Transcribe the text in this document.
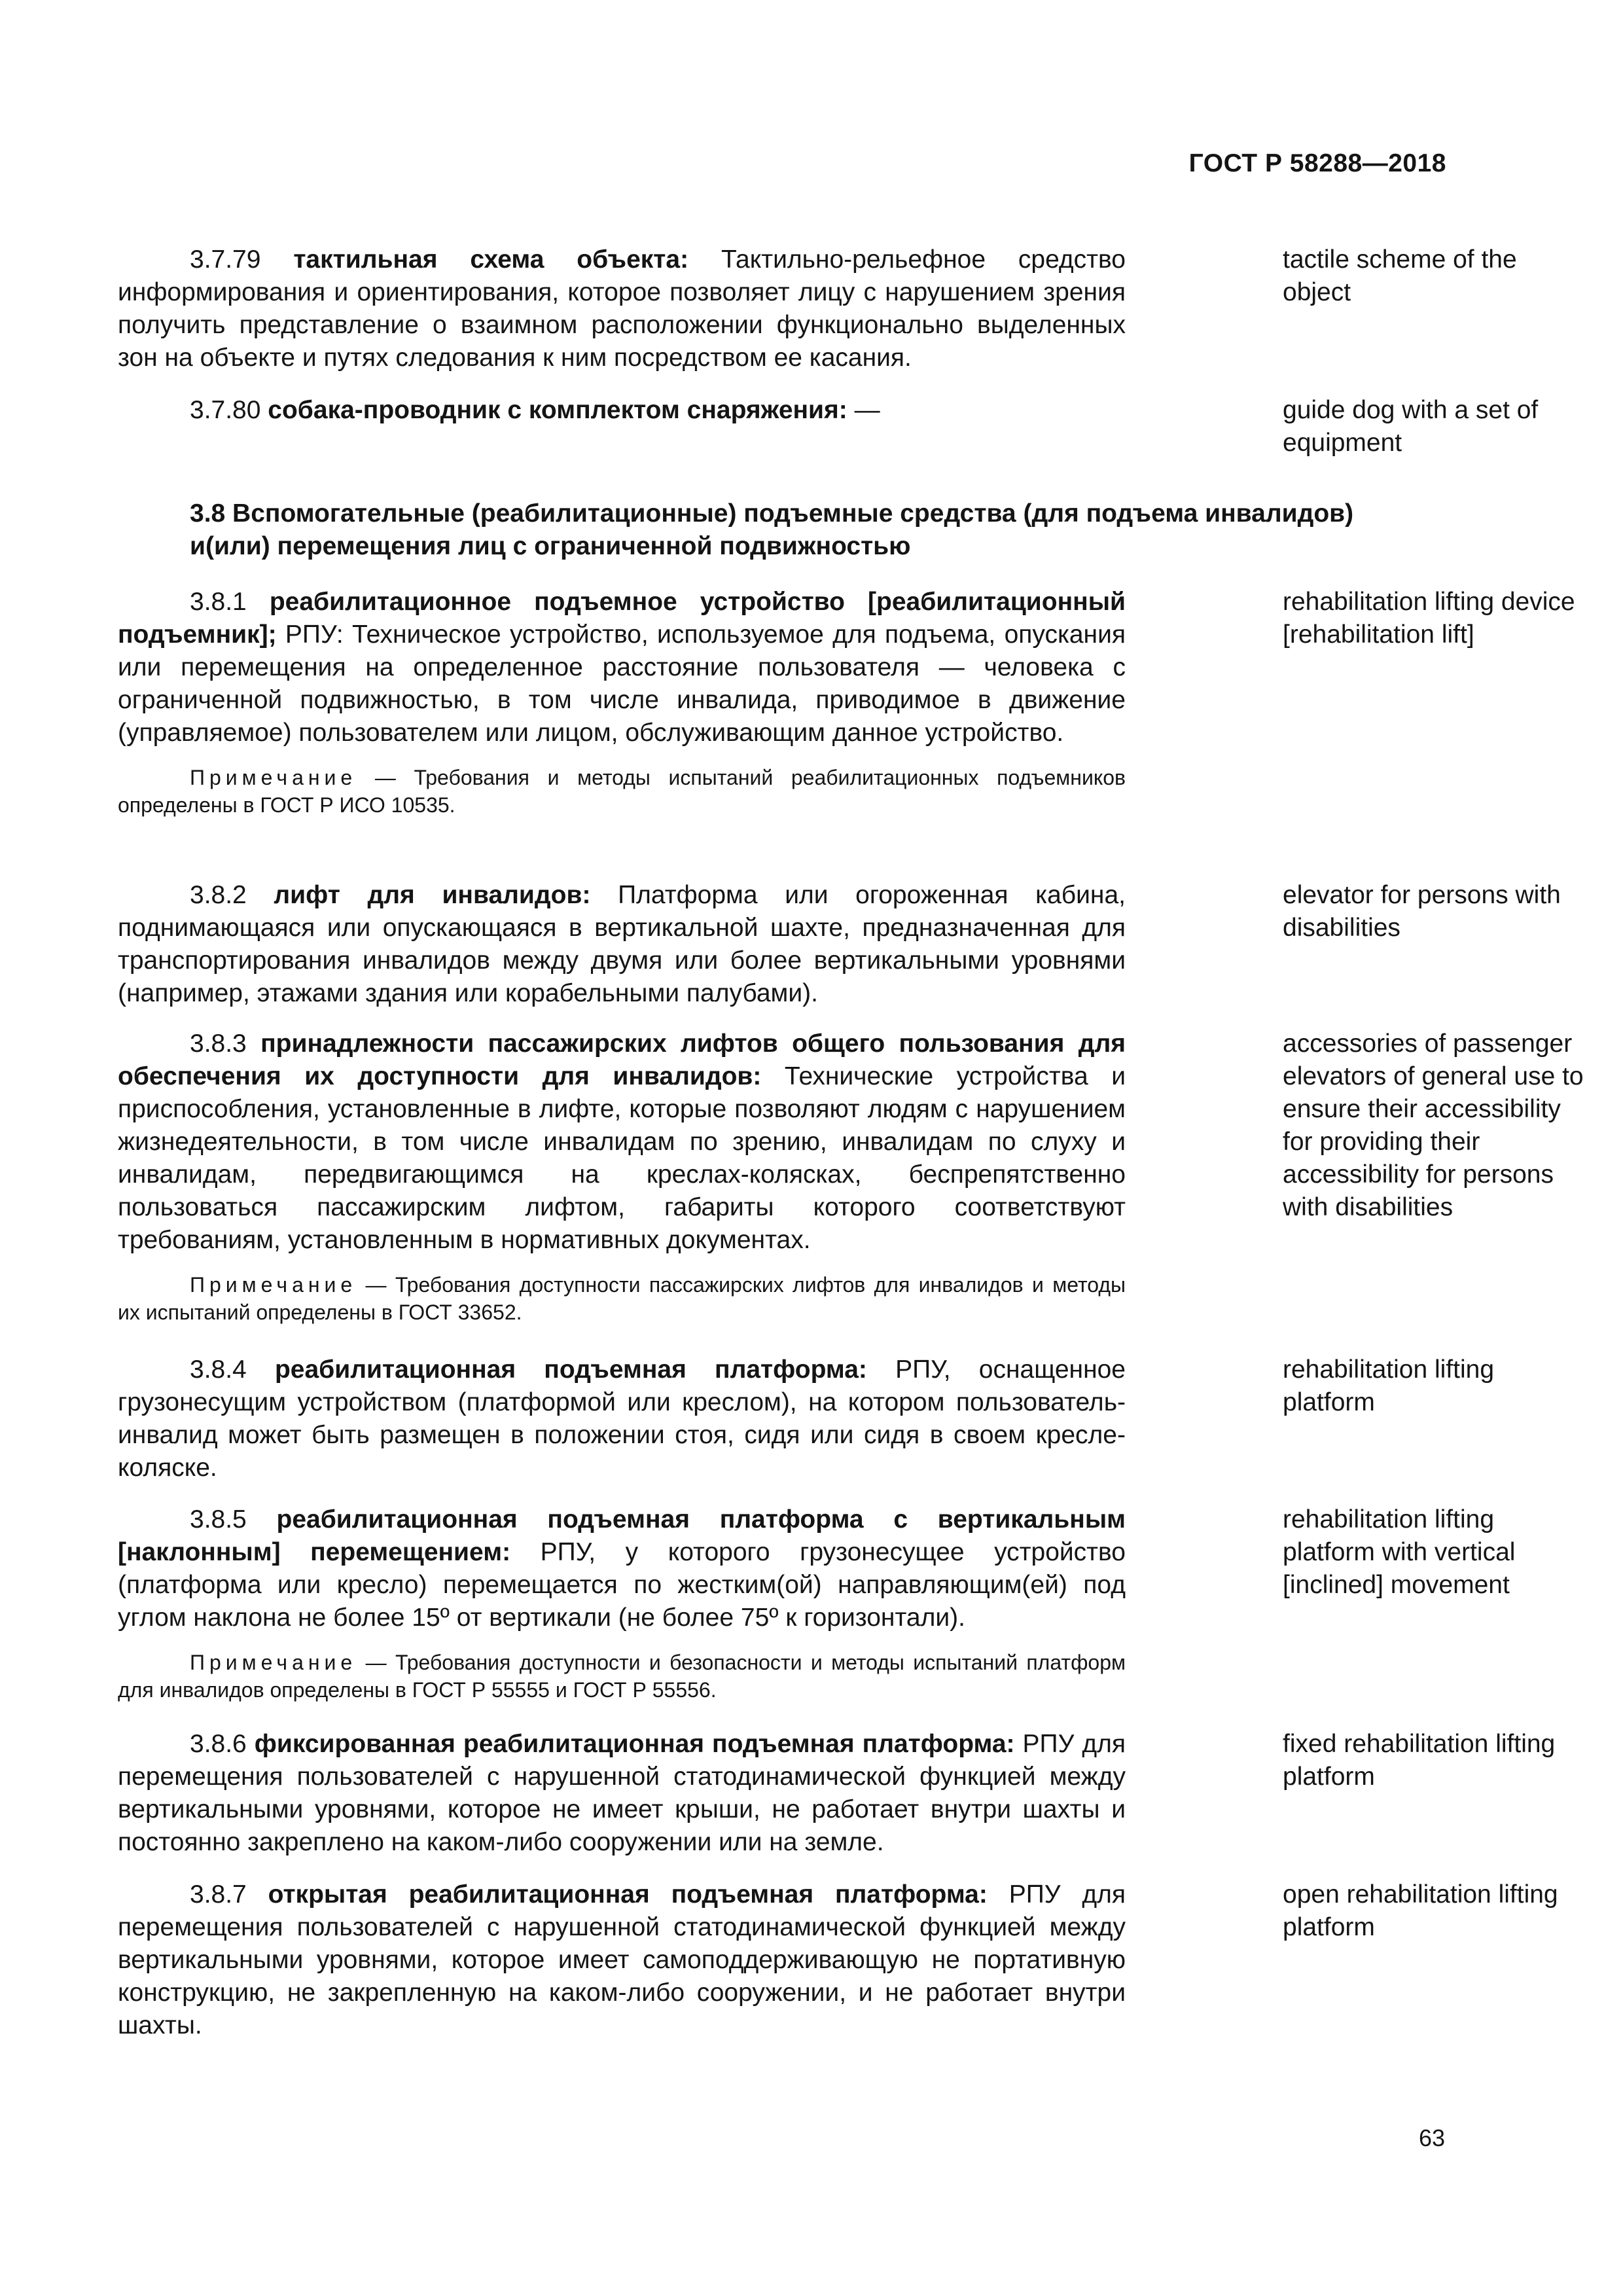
ГОСТ Р 58288—2018
3.7.79 тактильная схема объекта: Тактильно-рельефное средство информирования и ориентирования, которое позволяет лицу с нарушением зрения получить представление о взаимном расположении функционально выделенных зон на объекте и путях следования к ним посредством ее касания.
tactile scheme of the object
3.7.80 собака-проводник с комплектом снаряжения: —	guide dog with a set of equipment
3.8 Вспомогательные (реабилитационные) подъемные средства (для подъема инвалидов) и(или) перемещения лиц с ограниченной подвижностью
3.8.1 реабилитационное подъемное устройство [реабилитационный подъемник]; РПУ: Техническое устройство, используемое для подъема, опускания или перемещения на определенное расстояние пользователя — человека с ограниченной подвижностью, в том числе инвалида, приводимое в движение (управляемое) пользователем или лицом, обслуживающим данное устройство.
Примечание — Требования и методы испытаний реабилитационных подъемников определены в ГОСТ Р ИСО 10535.
rehabilitation lifting device [rehabilitation lift]
3.8.2 лифт для инвалидов: Платформа или огороженная кабина, поднимающаяся или опускающаяся в вертикальной шахте, предназначенная для транспортирования инвалидов между двумя или более вертикальными уровнями (например, этажами здания или корабельными палубами).
elevator for persons with disabilities
3.8.3 принадлежности пассажирских лифтов общего пользования для обеспечения их доступности для инвалидов: Технические устройства и приспособления, установленные в лифте, которые позволяют людям с нарушением жизнедеятельности, в том числе инвалидам по зрению, инвалидам по слуху и инвалидам, передвигающимся на креслах-колясках, беспрепятственно пользоваться пассажирским лифтом, габариты которого соответствуют требованиям, установленным в нормативных документах.
Примечание — Требования доступности пассажирских лифтов для инвалидов и методы их испытаний определены в ГОСТ 33652.
accessories of passenger elevators of general use to ensure their accessibility for providing their accessibility for persons with disabilities
3.8.4 реабилитационная подъемная платформа: РПУ, оснащенное грузонесущим устройством (платформой или креслом), на котором пользователь-инвалид может быть размещен в положении стоя, сидя или сидя в своем кресле-коляске.
rehabilitation lifting platform
3.8.5 реабилитационная подъемная платформа с вертикальным [наклонным] перемещением: РПУ, у которого грузонесущее устройство (платформа или кресло) перемещается по жестким(ой) направляющим(ей) под углом наклона не более 15º от вертикали (не более 75º к горизонтали).
Примечание — Требования доступности и безопасности и методы испытаний платформ для инвалидов определены в ГОСТ Р 55555 и ГОСТ Р 55556.
rehabilitation lifting platform with vertical [inclined] movement
3.8.6 фиксированная реабилитационная подъемная платформа: РПУ для перемещения пользователей с нарушенной статодинамической функцией между вертикальными уровнями, которое не имеет крыши, не работает внутри шахты и постоянно закреплено на каком-либо сооружении или на земле.
fixed rehabilitation lifting platform
3.8.7 открытая реабилитационная подъемная платформа: РПУ для перемещения пользователей с нарушенной статодинамической функцией между вертикальными уровнями, которое имеет самоподдерживающую не портативную конструкцию, не закрепленную на каком-либо сооружении, и не работает внутри шахты.
open rehabilitation lifting platform
63
